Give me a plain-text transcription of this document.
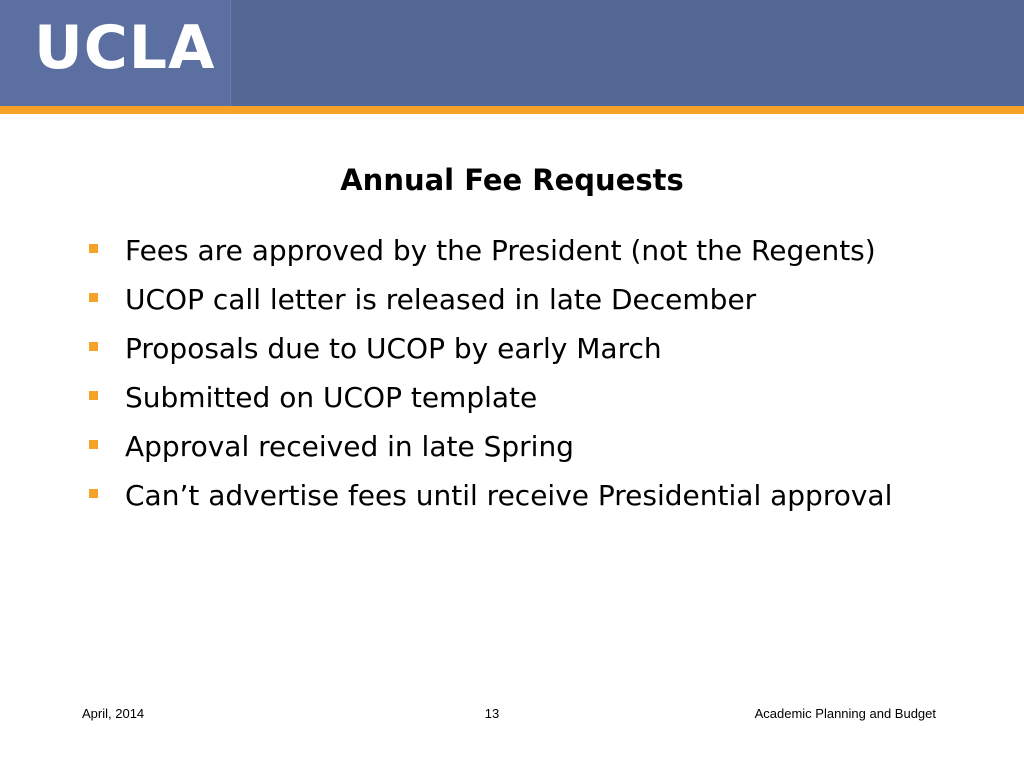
UCLA
Annual Fee Requests
Fees are approved by the President (not the Regents)
UCOP call letter is released in late December
Proposals due to UCOP by early March
Submitted on UCOP template
Approval received in late Spring
Can’t advertise fees until receive Presidential approval
April, 2014	13	Academic Planning and Budget
